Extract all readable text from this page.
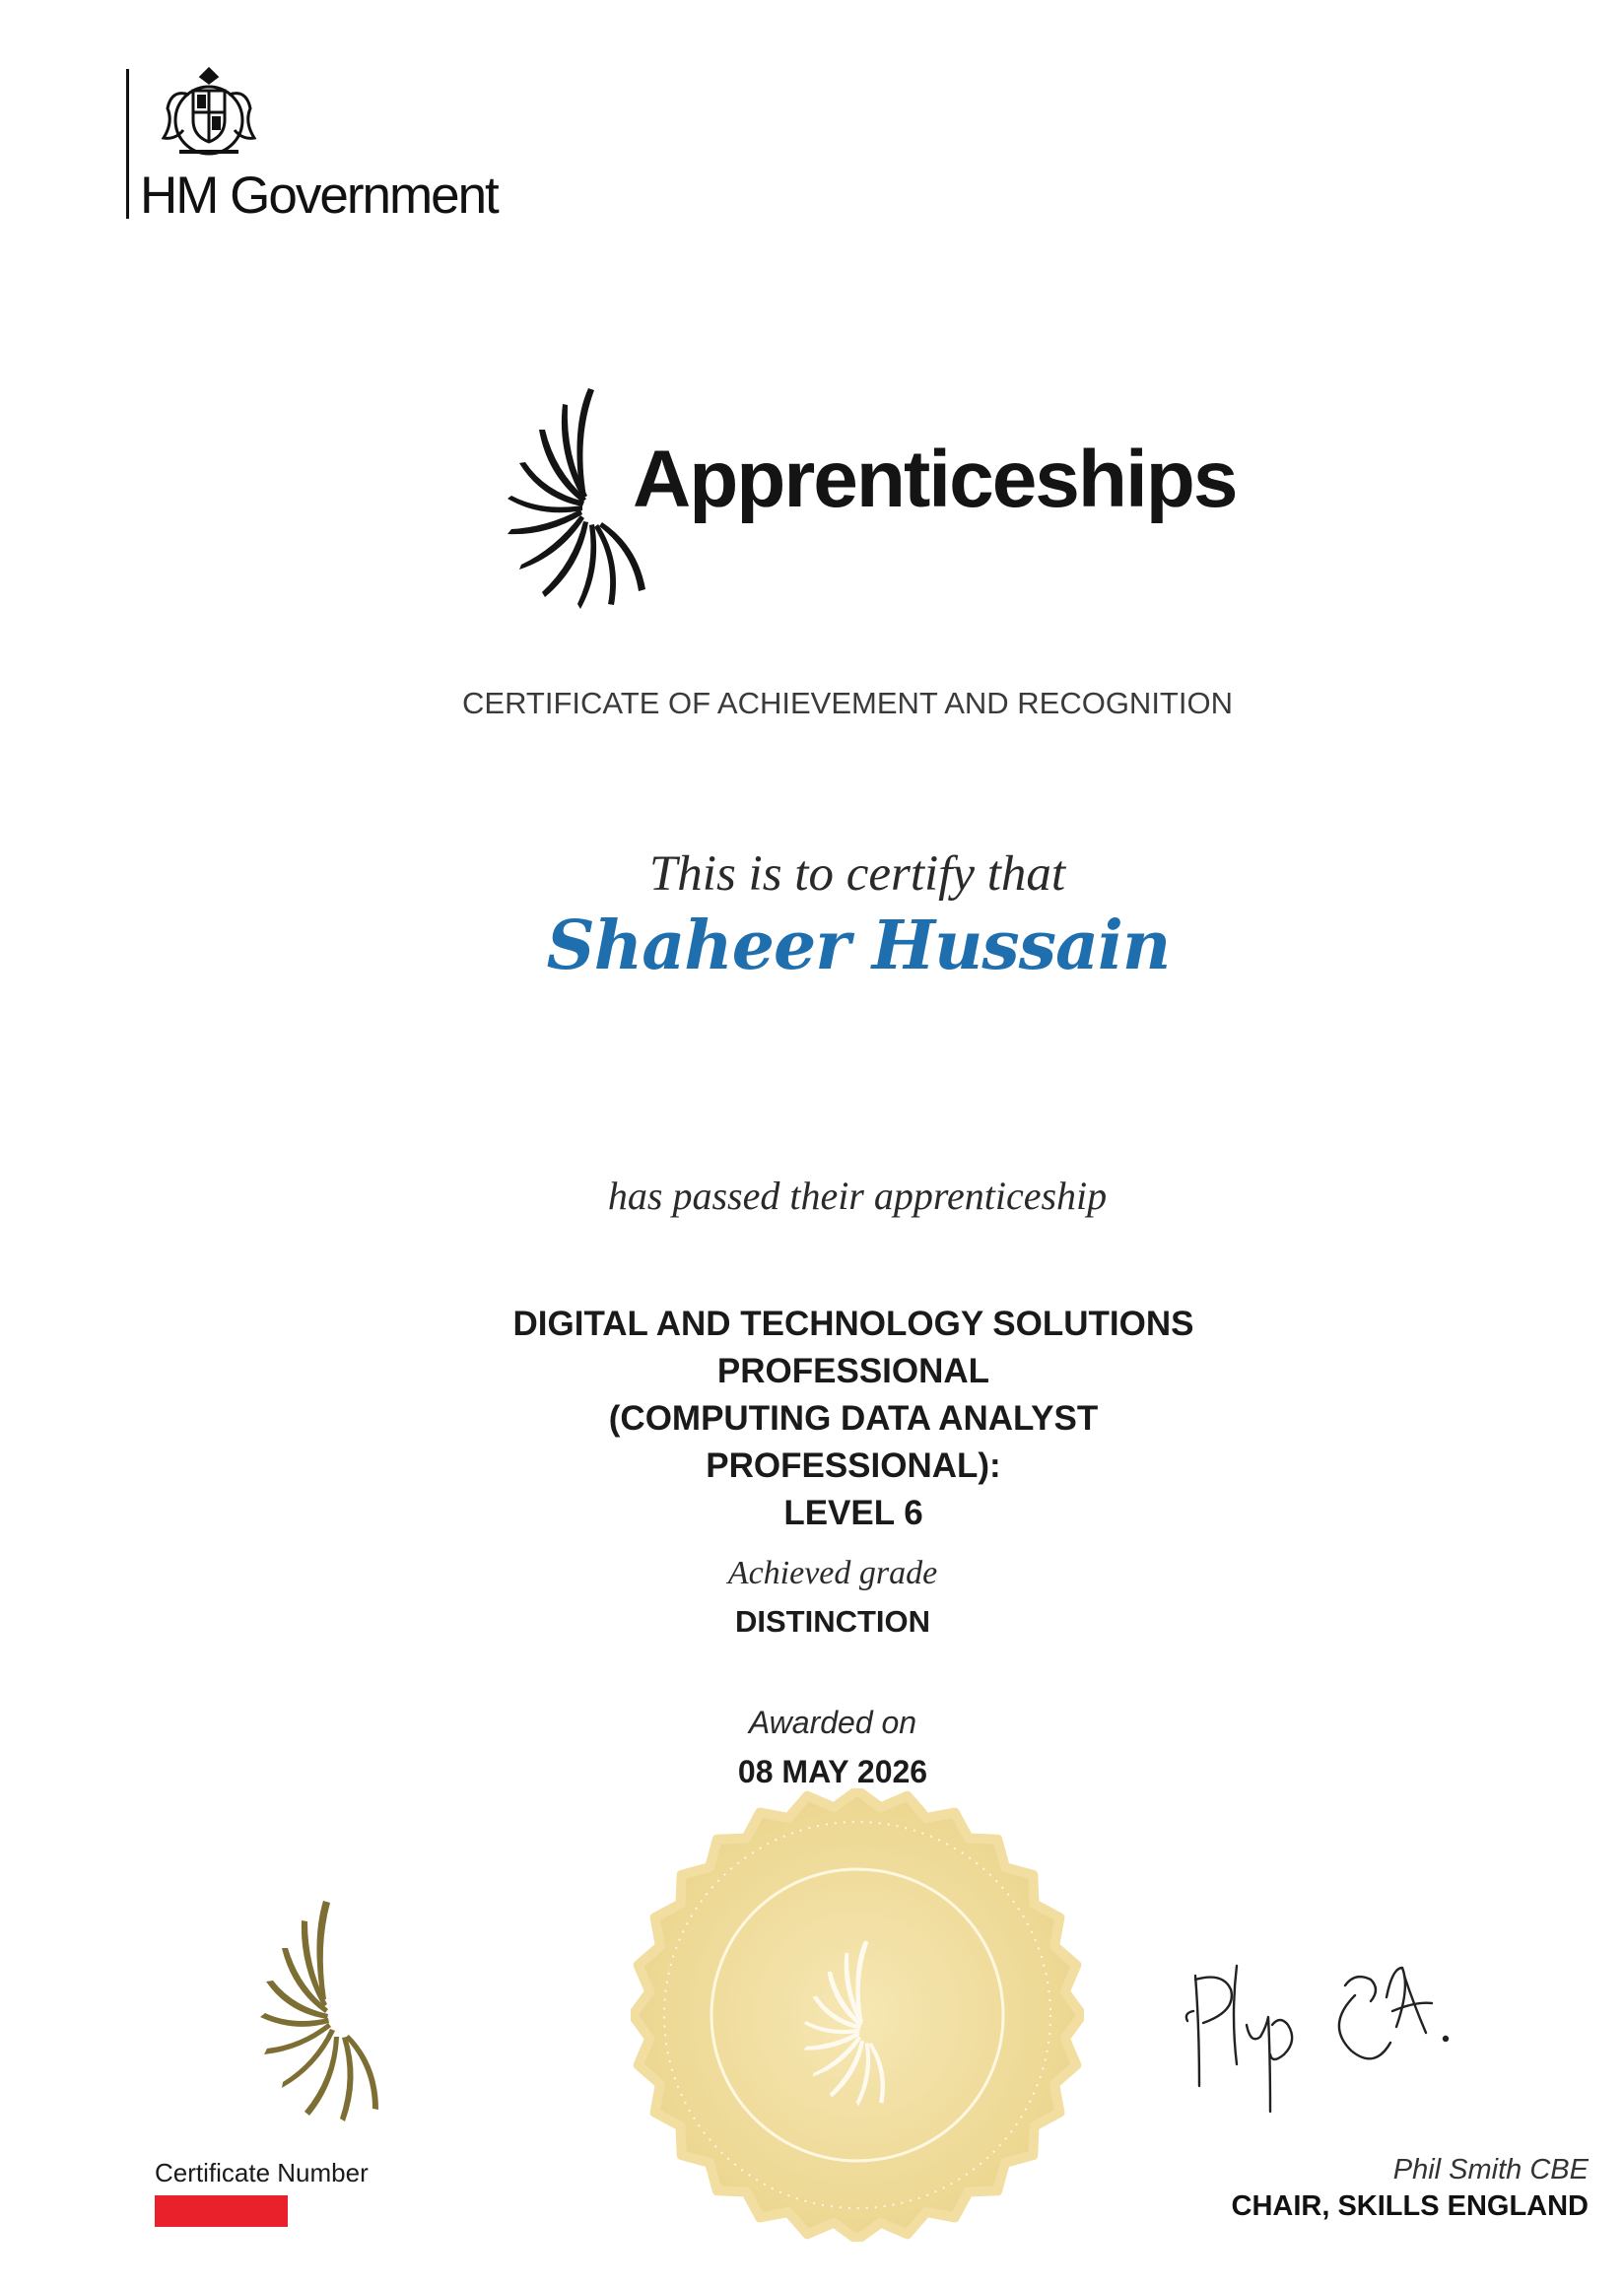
HM Government
Apprenticeships
CERTIFICATE OF ACHIEVEMENT AND RECOGNITION
This is to certify that
Shaheer Hussain
has passed their apprenticeship
DIGITAL AND TECHNOLOGY SOLUTIONS
PROFESSIONAL
(COMPUTING DATA ANALYST
PROFESSIONAL):
LEVEL 6
Achieved grade
DISTINCTION
Awarded on
08 MAY 2026
Certificate Number	Phil Smith CBE
CHAIR, SKILLS ENGLAND
